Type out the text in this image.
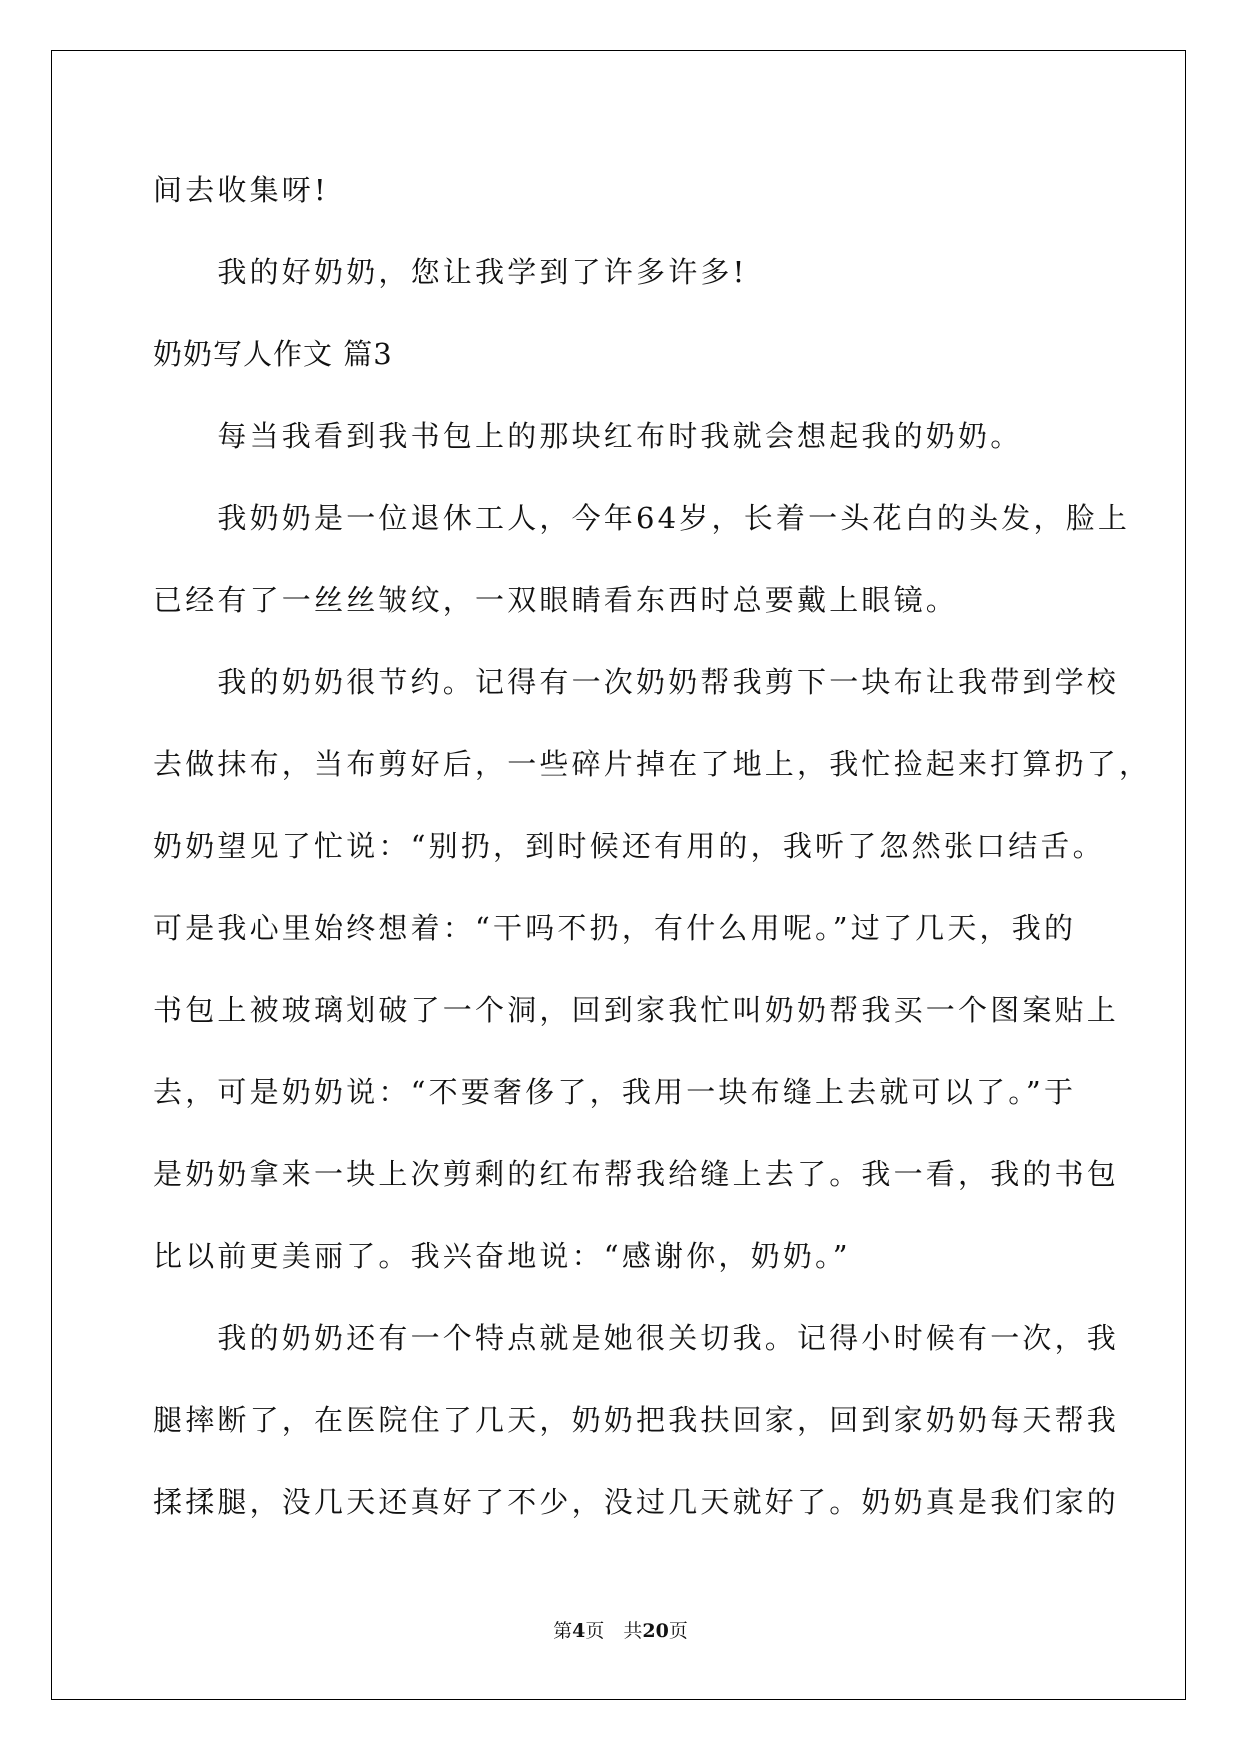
间去收集呀!

　　我的好奶奶，您让我学到了许多许多!

奶奶写人作文 篇3

　　每当我看到我书包上的那块红布时我就会想起我的奶奶。

　　我奶奶是一位退休工人，今年64岁，长着一头花白的头发，脸上

已经有了一丝丝皱纹，一双眼睛看东西时总要戴上眼镜。

　　我的奶奶很节约。记得有一次奶奶帮我剪下一块布让我带到学校

去做抹布，当布剪好后，一些碎片掉在了地上，我忙捡起来打算扔了，

奶奶望见了忙说：“别扔，到时候还有用的，我听了忽然张口结舌。

可是我心里始终想着：“干吗不扔，有什么用呢。”过了几天，我的

书包上被玻璃划破了一个洞，回到家我忙叫奶奶帮我买一个图案贴上

去，可是奶奶说：“不要奢侈了，我用一块布缝上去就可以了。”于

是奶奶拿来一块上次剪剩的红布帮我给缝上去了。我一看，我的书包

比以前更美丽了。我兴奋地说：“感谢你，奶奶。”

　　我的奶奶还有一个特点就是她很关切我。记得小时候有一次，我

腿摔断了，在医院住了几天，奶奶把我扶回家，回到家奶奶每天帮我

揉揉腿，没几天还真好了不少，没过几天就好了。奶奶真是我们家的

第4页　共20页
